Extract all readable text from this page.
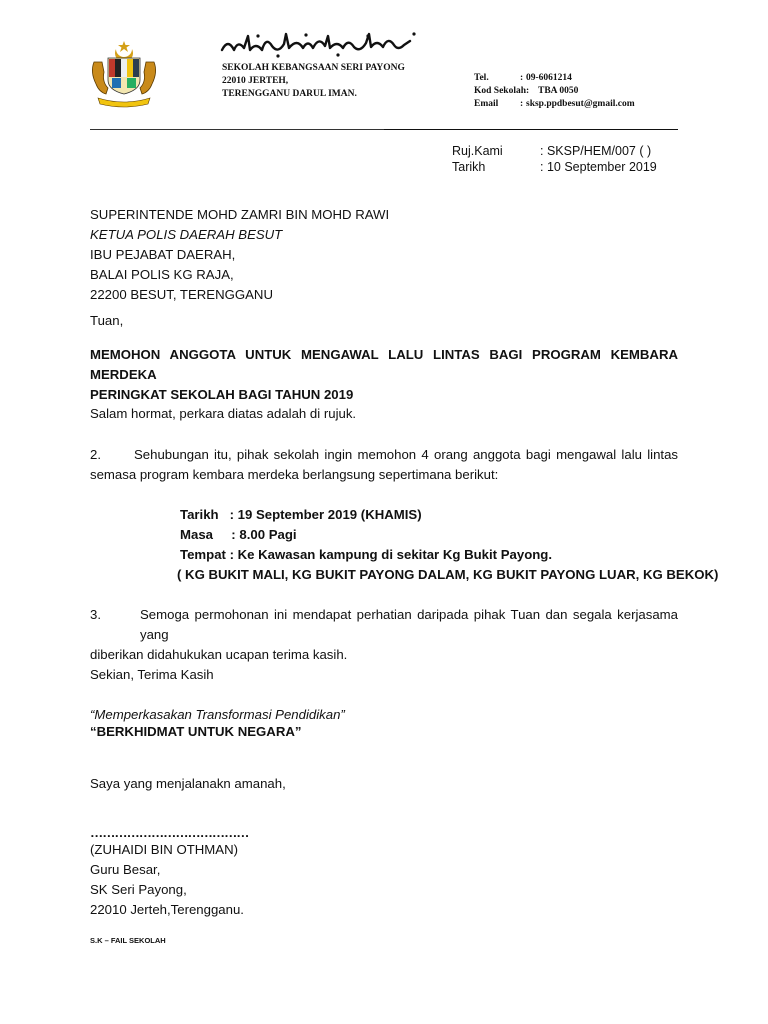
SEKOLAH KEBANGSAAN SERI PAYONG
22010 JERTEH,
TERENGGANU DARUL IMAN.
Tel.	: 09-6061214
Kod Sekolah: TBA 0050
Email	: sksp.ppdbesut@gmail.com
Ruj.Kami	: SKSP/HEM/007 ( )
Tarikh	: 10 September 2019
SUPERINTENDE MOHD ZAMRI BIN MOHD RAWI
KETUA POLIS DAERAH BESUT
IBU PEJABAT DAERAH,
BALAI POLIS KG RAJA,
22200 BESUT, TERENGGANU
Tuan,
MEMOHON ANGGOTA UNTUK MENGAWAL LALU LINTAS BAGI PROGRAM KEMBARA MERDEKA
PERINGKAT SEKOLAH BAGI TAHUN 2019
Salam hormat, perkara diatas adalah di rujuk.
2.	Sehubungan itu, pihak sekolah ingin memohon 4 orang anggota bagi mengawal lalu lintas
semasa program kembara merdeka berlangsung sepertimana berikut:
Tarikh   : 19 September 2019 (KHAMIS)
Masa     : 8.00 Pagi
Tempat : Ke Kawasan kampung di sekitar Kg Bukit Payong.
( KG BUKIT MALI, KG BUKIT PAYONG DALAM, KG BUKIT PAYONG LUAR, KG BEKOK)
3.	Semoga permohonan ini mendapat perhatian daripada pihak Tuan dan segala kerjasama yang
diberikan didahukukan ucapan terima kasih.
Sekian, Terima Kasih
“Memperkasakan Transformasi Pendidikan”
“BERKHIDMAT UNTUK NEGARA”
Saya yang menjalanakn amanah,
…………………………………
(ZUHAIDI BIN OTHMAN)
Guru Besar,
SK Seri Payong,
22010 Jerteh,Terengganu.
S.K – FAIL SEKOLAH
